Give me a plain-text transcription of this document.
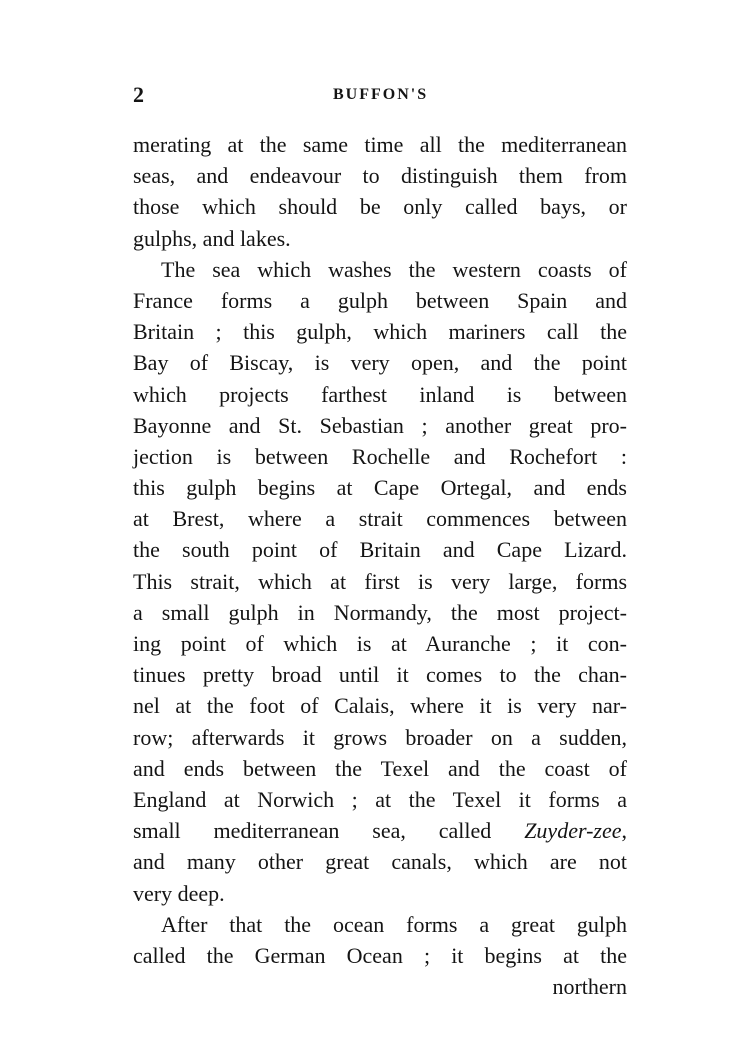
2	BUFFON'S
merating at the same time all the mediterranean
seas, and endeavour to distinguish them from
those which should be only called bays, or
gulphs, and lakes.
The sea which washes the western coasts of
France forms a gulph between Spain and
Britain ; this gulph, which mariners call the
Bay of Biscay, is very open, and the point
which projects farthest inland is between
Bayonne and St. Sebastian ; another great pro-
jection is between Rochelle and Rochefort :
this gulph begins at Cape Ortegal, and ends
at Brest, where a strait commences between
the south point of Britain and Cape Lizard.
This strait, which at first is very large, forms
a small gulph in Normandy, the most project-
ing point of which is at Auranche ; it con-
tinues pretty broad until it comes to the chan-
nel at the foot of Calais, where it is very nar-
row; afterwards it grows broader on a sudden,
and ends between the Texel and the coast of
England at Norwich ; at the Texel it forms a
small mediterranean sea, called Zuyder-zee,
and many other great canals, which are not
very deep.
After that the ocean forms a great gulph
called the German Ocean ; it begins at the
northern
